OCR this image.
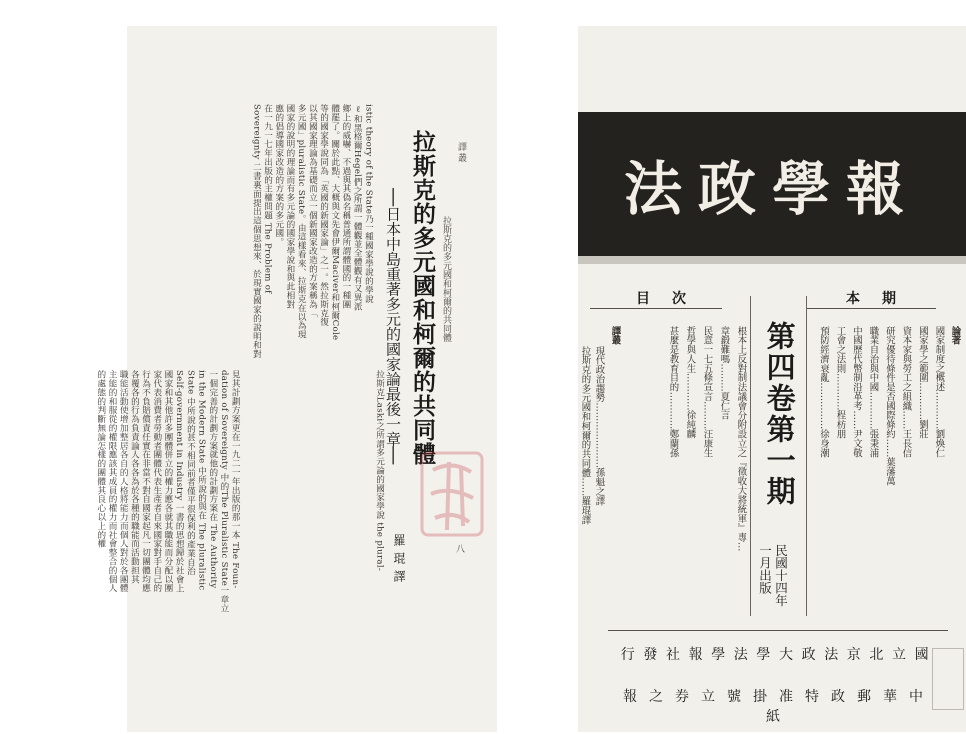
譯叢
拉斯克的多元國和柯爾的共同體
八
拉斯克的多元國和柯爾的共同體
──日本中島重著多元的國家論最後一章──
羅琨譯
拉斯克Laski之所謂多元論的國家學說 the plural-
istic theory of the State乃一種國家學說的學說
ℓ和黑格爾Hegel們之所謂一體觀並全體觀有又異派
鄉上的威嚇、不過與其偽名稱普通所謂體國的一種團
體罷了。關於此點、大概與文先會伊爾Maciver和柯爾Cole
等的國家學說同為「英國的新國家論」之一。然拉斯克復
以其國家理論為基礎而立一個新國家改造的方案稱為「
多元國」pluralistic State。由這樣看來、拉斯克在以為現
國家的說明的理論而有多元論的國家學說和與此相對
應的倡導國家改造的方案的多元國。
在一九一七年出版的主權問題 The Problem of
Sovereignty 二書裏面提出這個思想來、於現實國家的說明和對
見其計劃方案更在一九二一年出版的那一本 The Foun-
dation of Sovereignty 中的The Pluralistic State一章立
一個完善的計劃方案就他的計劃方案在 The Authority
in the Modern State 中所說的與在 The pluralistic
State 中所說的甚不相同前者僅平很保利的產業自治
Self-government in Industry 一書的思想歸於社會上
國家和其他許多團體併立的權力應各就其職能而分配以團
家代表消費者勞動者團體代表生產者自來國家對手自己的
行為不負賠償責任實在非當不對自國家起凡一切團體均應
各覆各的行為負責論人各各為於各種的職能而活動担其
職能活動使增加整居各自的人格將能力而個人對於各團體
主能的和服從的權限應該其成員的權力而社會整合的個人
的處態的判斷無論怎樣的團體其良心以上的權
法政學報
本期
目次
論著
國家制度之概述…………劉煥仁
國家學之範圍…………劉莊
資本家與勞工之組織……王長信
研究優待條件是否國際條約……葉藩萬
職業自治與中國…………張秉浦
中國歷代幣制沿革考……尹文敬
工會之法則…………程枋朋
預防經濟衰亂……………徐身潮
根本上反對制法議會分附設立之『徵收大將統軍』專…
章鍛難嗎………夏仁言
民意一七五條宣言………汪康生
哲學與人生…………徐純麟
甚麼是教育目的…………鄭蘭孫
譯叢
現代政治趨勢…………………孫魁之譯
拉斯克的多元國和柯爾的共同體……羅琨譯	第四卷第一期
民國十四年
一月出版
國立北京法政大學法學報社發行
中華郵政特准掛號立券之報紙
